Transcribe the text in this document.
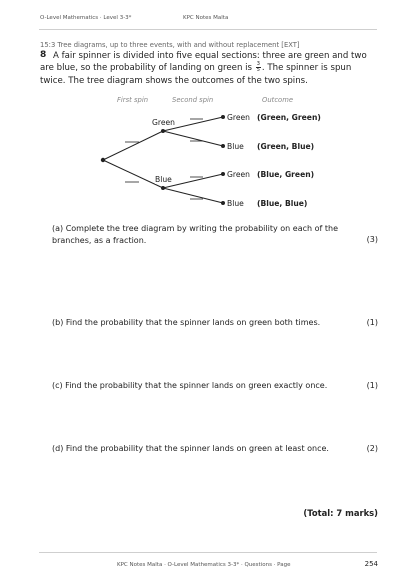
O-Level Mathematics · Level 3-3*	KPC Notes Malta
15:3 Tree diagrams, up to three events, with and without replacement [EXT]
8 A fair spinner is divided into five equal sections: three are green and two are blue, so the probability of landing on green is $\frac{3}{5}$ . The spinner is spun twice. The tree diagram shows the outcomes of the two spins.
First spin	Second spin	Outcome
Green
Blue
Green
Blue
Green
Blue
(Green, Green)
(Green, Blue)
(Blue, Green)
(Blue, Blue)
(a) Complete the tree diagram by writing the probability on each of the branches, as a fraction.	(3)
(b) Find the probability that the spinner lands on green both times.	(1)
(c) Find the probability that the spinner lands on green exactly once.	(1)
(d) Find the probability that the spinner lands on green at least once.	(2)
(Total: 7 marks)
KPC Notes Malta · O-Level Mathematics 3-3* · Questions · Page	254
